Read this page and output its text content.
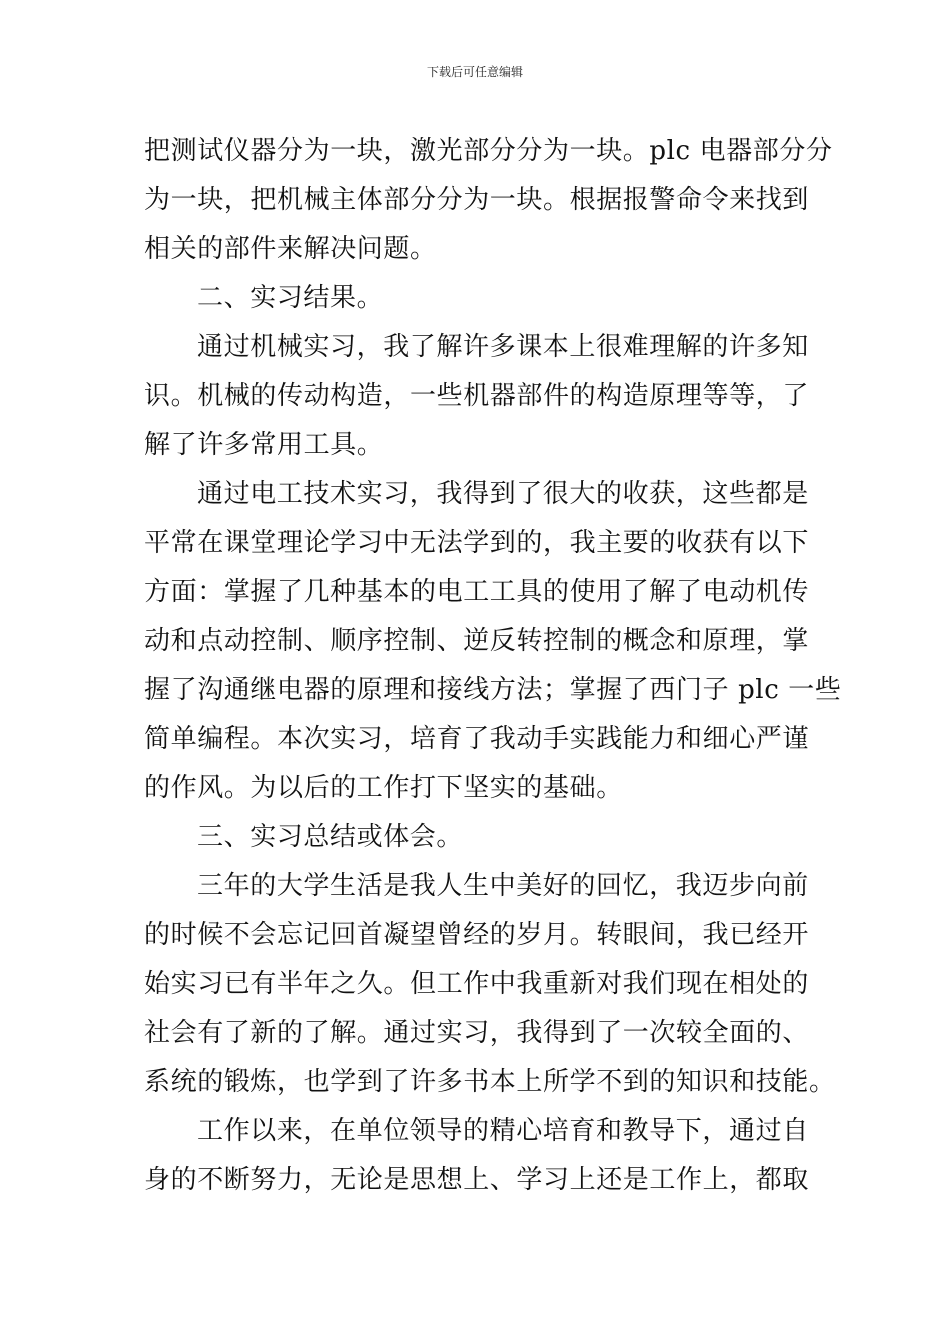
下载后可任意编辑
把测试仪器分为一块，激光部分分为一块。plc 电器部分分
为一块，把机械主体部分分为一块。根据报警命令来找到
相关的部件来解决问题。
二、实习结果。
通过机械实习，我了解许多课本上很难理解的许多知
识。机械的传动构造，一些机器部件的构造原理等等，了
解了许多常用工具。
通过电工技术实习，我得到了很大的收获，这些都是
平常在课堂理论学习中无法学到的，我主要的收获有以下
方面：掌握了几种基本的电工工具的使用了解了电动机传
动和点动控制、顺序控制、逆反转控制的概念和原理，掌
握了沟通继电器的原理和接线方法；掌握了西门子 plc 一些
简单编程。本次实习，培育了我动手实践能力和细心严谨
的作风。为以后的工作打下坚实的基础。
三、实习总结或体会。
三年的大学生活是我人生中美好的回忆，我迈步向前
的时候不会忘记回首凝望曾经的岁月。转眼间，我已经开
始实习已有半年之久。但工作中我重新对我们现在相处的
社会有了新的了解。通过实习，我得到了一次较全面的、
系统的锻炼，也学到了许多书本上所学不到的知识和技能。
工作以来，在单位领导的精心培育和教导下，通过自
身的不断努力，无论是思想上、学习上还是工作上，都取
